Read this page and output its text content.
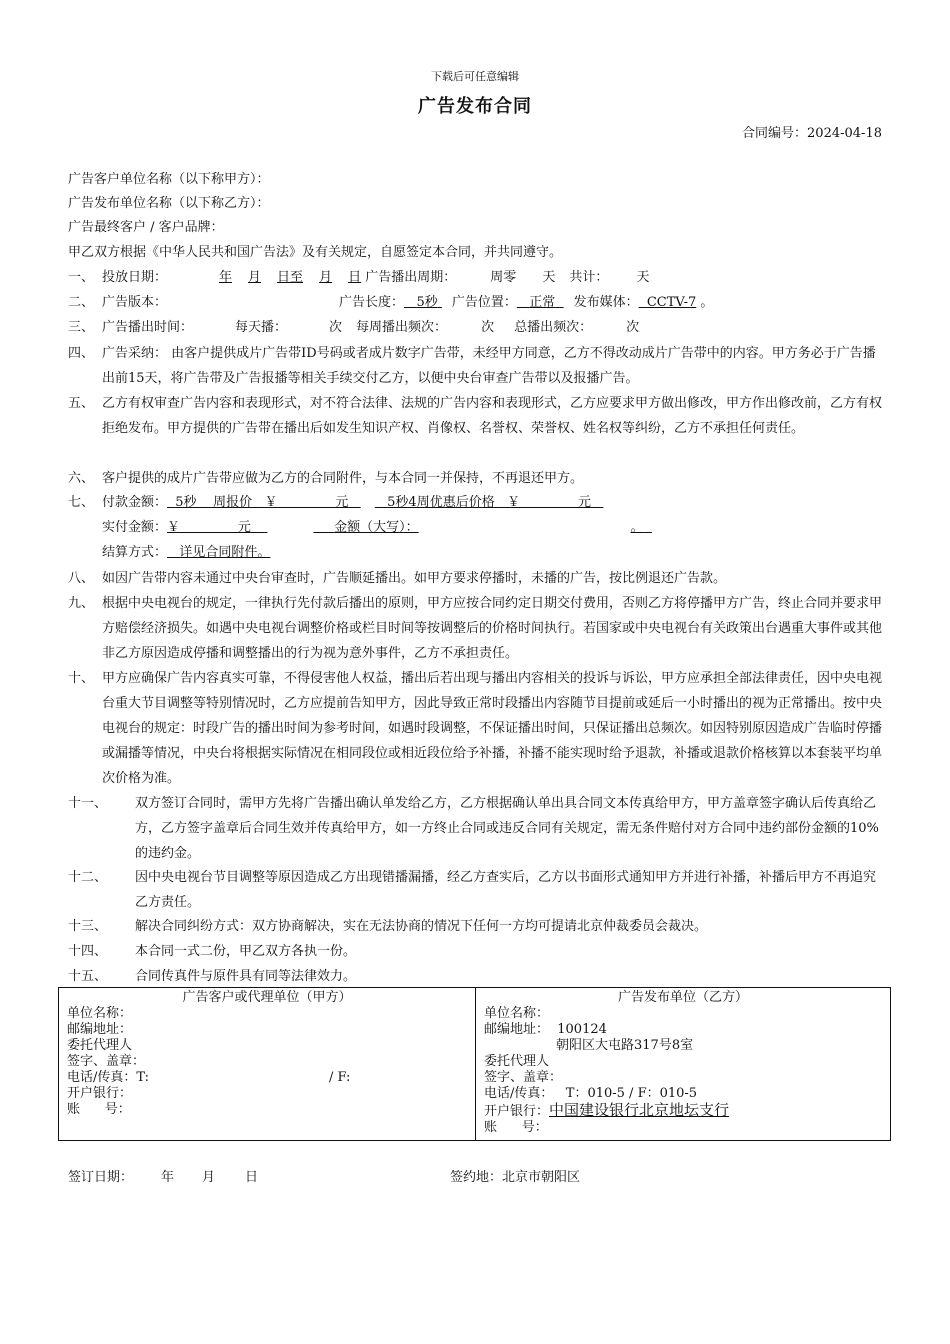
下载后可任意编辑
广告发布合同
合同编号：2024-04-18
广告客户单位名称（以下称甲方）：
广告发布单位名称（以下称乙方）：
广告最终客户 / 客户品牌：
甲乙双方根据《中华人民共和国广告法》及有关规定，自愿签定本合同，并共同遵守。
一、 投放日期：	年 月 日至 月 日 广告播出周期：	周零 天 共计： 天
二、 广告版本：	广告长度： 5秒 广告位置： 正常 发布媒体： CCTV-7 。
三、 广告播出时间：	每天播：	次 每周播出频次：	次 总播出频次：	次
四、 广告采纳： 由客户提供成片广告带ID号码或者成片数字广告带，未经甲方同意，乙方不得改动成片广告带中的内容。甲方务必于广告播出前15天，将广告带及广告报播等相关手续交付乙方，以便中央台审查广告带以及报播广告。
五、 乙方有权审查广告内容和表现形式，对不符合法律、法规的广告内容和表现形式，乙方应要求甲方做出修改，甲方作出修改前，乙方有权拒绝发布。甲方提供的广告带在播出后如发生知识产权、肖像权、名誉权、荣誉权、姓名权等纠纷，乙方不承担任何责任。
六、 客户提供的成片广告带应做为乙方的合同附件，与本合同一并保持，不再退还甲方。
七、 付款金额： 5秒    周报价   ￥              元	5秒4周优惠后价格   ￥              元
实付金额：￥              元	金额（大写）：	。
结算方式： 详见合同附件。
八、 如因广告带内容未通过中央台审查时，广告顺延播出。如甲方要求停播时，未播的广告，按比例退还广告款。
九、 根据中央电视台的规定，一律执行先付款后播出的原则，甲方应按合同约定日期交付费用，否则乙方将停播甲方广告，终止合同并要求甲方赔偿经济损失。如遇中央电视台调整价格或栏目时间等按调整后的价格时间执行。若国家或中央电视台有关政策出台遇重大事件或其他非乙方原因造成停播和调整播出的行为视为意外事件，乙方不承担责任。
十、 甲方应确保广告内容真实可靠，不得侵害他人权益，播出后若出现与播出内容相关的投诉与诉讼，甲方应承担全部法律责任，因中央电视台重大节目调整等特别情况时，乙方应提前告知甲方，因此导致正常时段播出内容随节目提前或延后一小时播出的视为正常播出。按中央电视台的规定：时段广告的播出时间为参考时间，如遇时段调整，不保证播出时间，只保证播出总频次。如因特别原因造成广告临时停播或漏播等情况，中央台将根据实际情况在相同段位或相近段位给予补播，补播不能实现时给予退款，补播或退款价格核算以本套装平均单次价格为准。
十一、	双方签订合同时，需甲方先将广告播出确认单发给乙方，乙方根据确认单出具合同文本传真给甲方，甲方盖章签字确认后传真给乙方，乙方签字盖章后合同生效并传真给甲方，如一方终止合同或违反合同有关规定，需无条件赔付对方合同中违约部份金额的10%的违约金。
十二、	因中央电视台节目调整等原因造成乙方出现错播漏播，经乙方查实后，乙方以书面形式通知甲方并进行补播，补播后甲方不再追究乙方责任。
十三、	解决合同纠纷方式：双方协商解决，实在无法协商的情况下任何一方均可提请北京仲裁委员会裁决。
十四、	本合同一式二份，甲乙双方各执一份。
十五、	合同传真件与原件具有同等法律效力。
广告客户或代理单位（甲方）
单位名称：
邮编地址：
委托代理人
签字、盖章：
电话/传真：T:	/ F:
开户银行：
账      号：

广告发布单位（乙方）
单位名称：
邮编地址：  100124
朝阳区大屯路317号8室
委托代理人
签字、盖章：
电话/传真：   T：010-5 / F：010-5
开户银行：中国建设银行北京地坛支行
账      号：
签订日期： 年 月 日	签约地：北京市朝阳区
